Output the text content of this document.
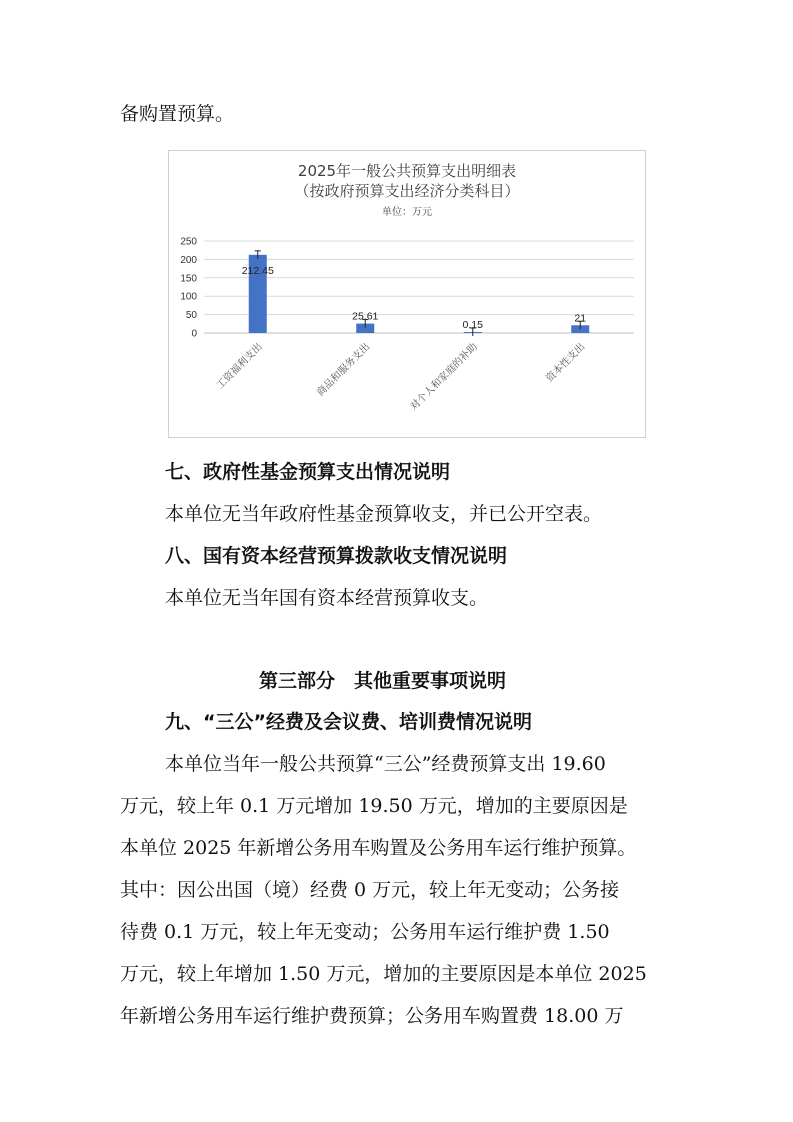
备购置预算。
2025年一般公共预算支出明细表
（按政府预算支出经济分类科目）
单位：万元
0
50
100
150
200
250
212.45
25.61
0.15
21
工资福利支出	商品和服务支出	对个人和家庭的补助	资本性支出
七、政府性基金预算支出情况说明
本单位无当年政府性基金预算收支，并已公开空表。
八、国有资本经营预算拨款收支情况说明
本单位无当年国有资本经营预算收支。
第三部分　其他重要事项说明
九、“三公”经费及会议费、培训费情况说明
本单位当年一般公共预算“三公”经费预算支出 19.60
万元，较上年 0.1 万元增加 19.50 万元，增加的主要原因是
本单位 2025 年新增公务用车购置及公务用车运行维护预算。
其中：因公出国（境）经费 0 万元，较上年无变动；公务接
待费 0.1 万元，较上年无变动；公务用车运行维护费 1.50
万元，较上年增加 1.50 万元，增加的主要原因是本单位 2025
年新增公务用车运行维护费预算；公务用车购置费 18.00 万
